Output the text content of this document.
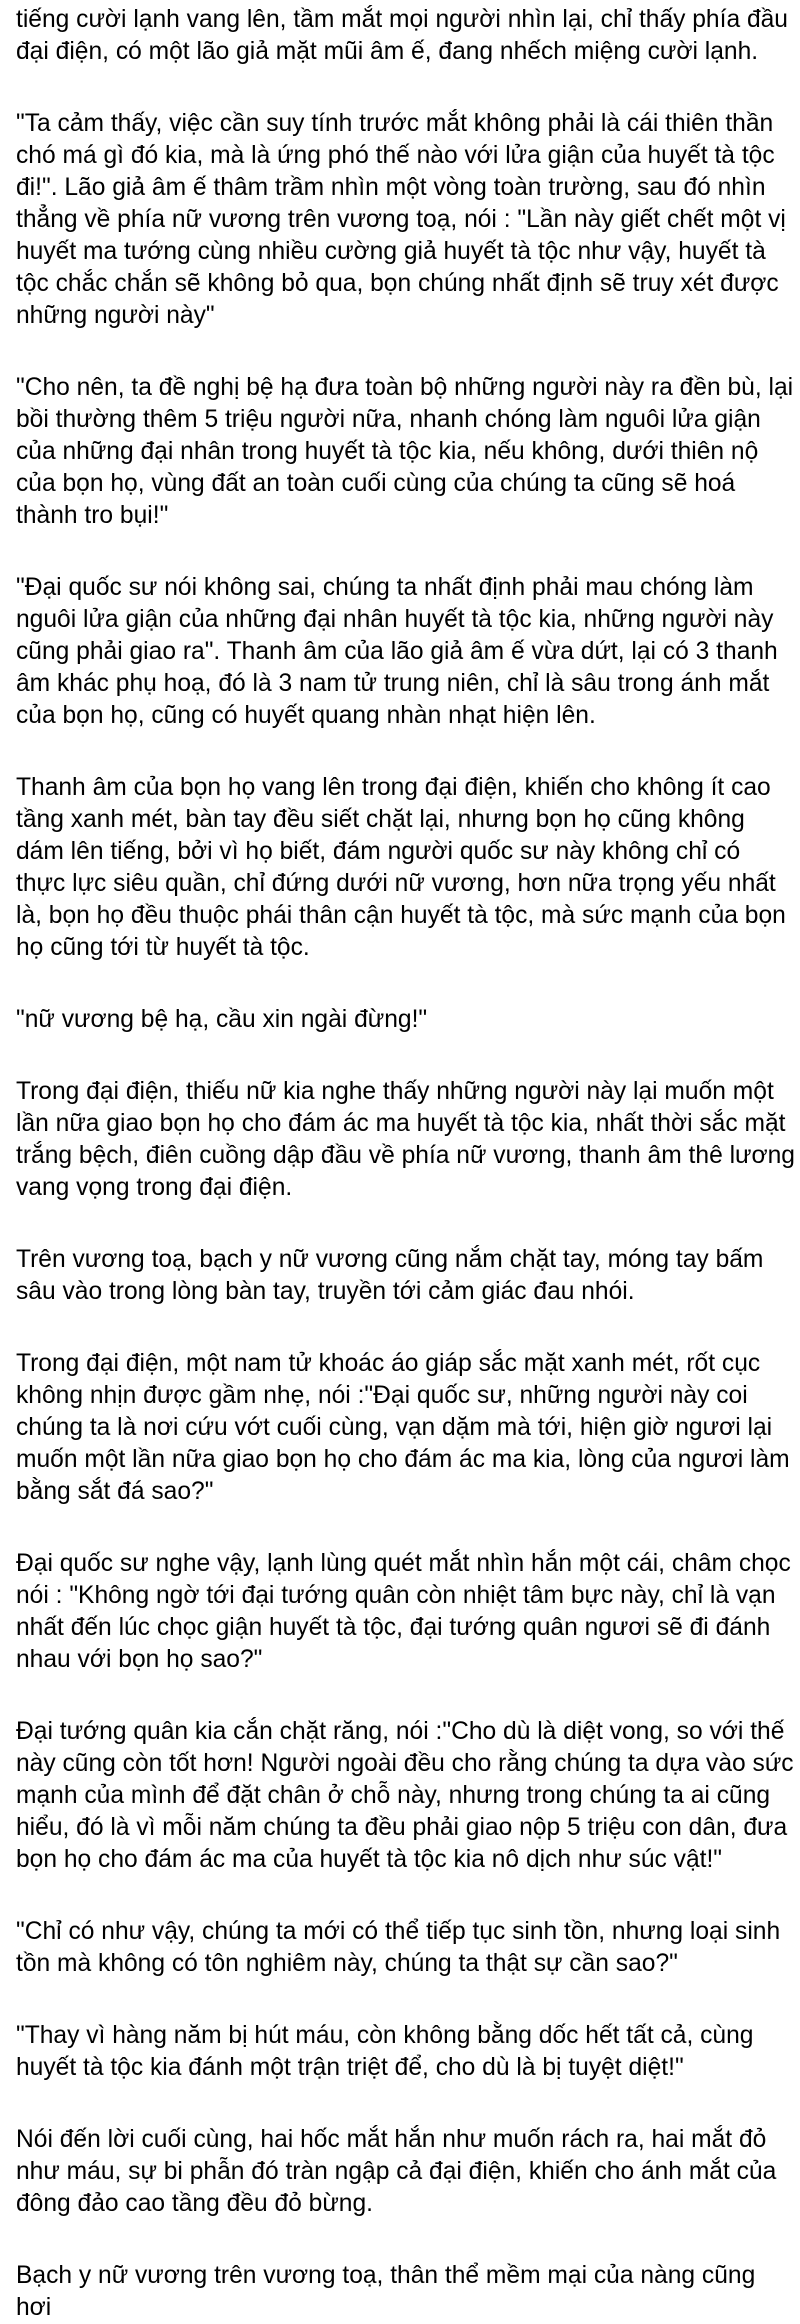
tiếng cười lạnh vang lên, tầm mắt mọi người nhìn lại, chỉ thấy phía đầu đại điện, có một lão giả mặt mũi âm ế, đang nhếch miệng cười lạnh.

"Ta cảm thấy, việc cần suy tính trước mắt không phải là cái thiên thần chó má gì đó kia, mà là ứng phó thế nào với lửa giận của huyết tà tộc đi!". Lão giả âm ế thâm trầm nhìn một vòng toàn trường, sau đó nhìn thẳng về phía nữ vương trên vương toạ, nói : "Lần này giết chết một vị huyết ma tướng cùng nhiều cường giả huyết tà tộc như vậy, huyết tà tộc chắc chắn sẽ không bỏ qua, bọn chúng nhất định sẽ truy xét được những người này"

"Cho nên, ta đề nghị bệ hạ đưa toàn bộ những người này ra đền bù, lại bồi thường thêm 5 triệu người nữa, nhanh chóng làm nguôi lửa giận của những đại nhân trong huyết tà tộc kia, nếu không, dưới thiên nộ của bọn họ, vùng đất an toàn cuối cùng của chúng ta cũng sẽ hoá thành tro bụi!"

"Đại quốc sư nói không sai, chúng ta nhất định phải mau chóng làm nguôi lửa giận của những đại nhân huyết tà tộc kia, những người này cũng phải giao ra". Thanh âm của lão giả âm ế vừa dứt, lại có 3 thanh âm khác phụ hoạ, đó là 3 nam tử trung niên, chỉ là sâu trong ánh mắt của bọn họ, cũng có huyết quang nhàn nhạt hiện lên.

Thanh âm của bọn họ vang lên trong đại điện, khiến cho không ít cao tầng xanh mét, bàn tay đều siết chặt lại, nhưng bọn họ cũng không dám lên tiếng, bởi vì họ biết, đám người quốc sư này không chỉ có thực lực siêu quần, chỉ đứng dưới nữ vương, hơn nữa trọng yếu nhất là, bọn họ đều thuộc phái thân cận huyết tà tộc, mà sức mạnh của bọn họ cũng tới từ huyết tà tộc.

"nữ vương bệ hạ, cầu xin ngài đừng!"

Trong đại điện, thiếu nữ kia nghe thấy những người này lại muốn một lần nữa giao bọn họ cho đám ác ma huyết tà tộc kia, nhất thời sắc mặt trắng bệch, điên cuồng dập đầu về phía nữ vương, thanh âm thê lương vang vọng trong đại điện.

Trên vương toạ, bạch y nữ vương cũng nắm chặt tay, móng tay bấm sâu vào trong lòng bàn tay, truyền tới cảm giác đau nhói.

Trong đại điện, một nam tử khoác áo giáp sắc mặt xanh mét, rốt cục không nhịn được gầm nhẹ, nói :"Đại quốc sư, những người này coi chúng ta là nơi cứu vớt cuối cùng, vạn dặm mà tới, hiện giờ ngươi lại muốn một lần nữa giao bọn họ cho đám ác ma kia, lòng của ngươi làm bằng sắt đá sao?"

Đại quốc sư nghe vậy, lạnh lùng quét mắt nhìn hắn một cái, châm chọc nói : "Không ngờ tới đại tướng quân còn nhiệt tâm bực này, chỉ là vạn nhất đến lúc chọc giận huyết tà tộc, đại tướng quân ngươi sẽ đi đánh nhau với bọn họ sao?"

Đại tướng quân kia cắn chặt răng, nói :"Cho dù là diệt vong, so với thế này cũng còn tốt hơn! Người ngoài đều cho rằng chúng ta dựa vào sức mạnh của mình để đặt chân ở chỗ này, nhưng trong chúng ta ai cũng hiểu, đó là vì mỗi năm chúng ta đều phải giao nộp 5 triệu con dân, đưa bọn họ cho đám ác ma của huyết tà tộc kia nô dịch như súc vật!"

"Chỉ có như vậy, chúng ta mới có thể tiếp tục sinh tồn, nhưng loại sinh tồn mà không có tôn nghiêm này, chúng ta thật sự cần sao?"

"Thay vì hàng năm bị hút máu, còn không bằng dốc hết tất cả, cùng huyết tà tộc kia đánh một trận triệt để, cho dù là bị tuyệt diệt!"

Nói đến lời cuối cùng, hai hốc mắt hắn như muốn rách ra, hai mắt đỏ như máu, sự bi phẫn đó tràn ngập cả đại điện, khiến cho ánh mắt của đông đảo cao tầng đều đỏ bừng.

Bạch y nữ vương trên vương toạ, thân thể mềm mại của nàng cũng hơi
